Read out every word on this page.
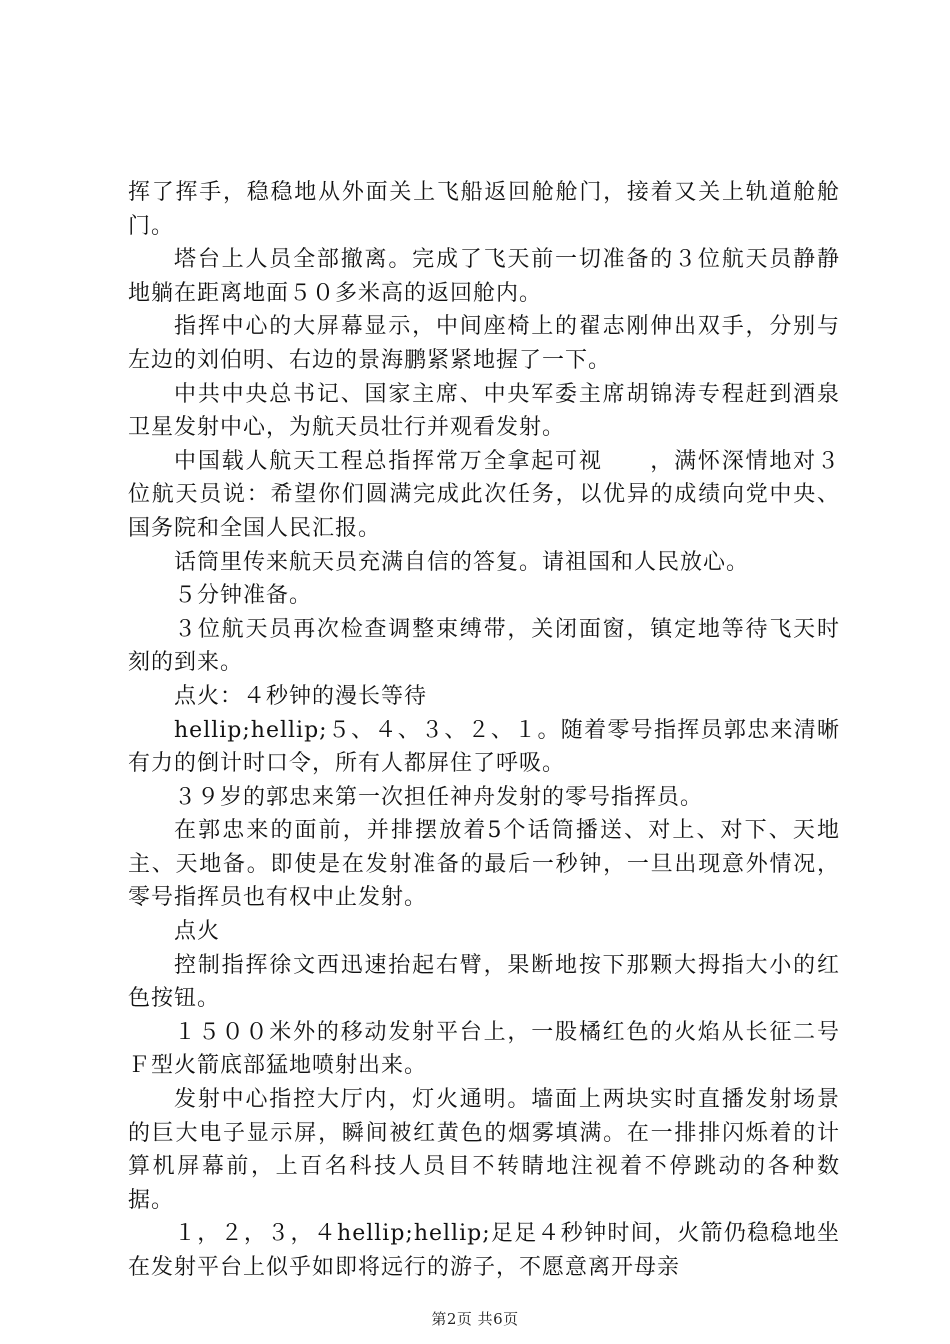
挥了挥手，稳稳地从外面关上飞船返回舱舱门，接着又关上轨道舱舱门。

塔台上人员全部撤离。完成了飞天前一切准备的３位航天员静静地躺在距离地面５０多米高的返回舱内。

指挥中心的大屏幕显示，中间座椅上的翟志刚伸出双手，分别与左边的刘伯明、右边的景海鹏紧紧地握了一下。

中共中央总书记、国家主席、中央军委主席胡锦涛专程赶到酒泉卫星发射中心，为航天员壮行并观看发射。

中国载人航天工程总指挥常万全拿起可视　　，满怀深情地对３位航天员说：希望你们圆满完成此次任务，以优异的成绩向党中央、国务院和全国人民汇报。

话筒里传来航天员充满自信的答复。请祖国和人民放心。

５分钟准备。

３位航天员再次检查调整束缚带，关闭面窗，镇定地等待飞天时刻的到来。

点火：４秒钟的漫长等待

hellip;hellip;５、４、３、２、１。随着零号指挥员郭忠来清晰有力的倒计时口令，所有人都屏住了呼吸。

３９岁的郭忠来第一次担任神舟发射的零号指挥员。

在郭忠来的面前，并排摆放着5个话筒播送、对上、对下、天地主、天地备。即使是在发射准备的最后一秒钟，一旦出现意外情况，零号指挥员也有权中止发射。

点火

控制指挥徐文西迅速抬起右臂，果断地按下那颗大拇指大小的红色按钮。

１５００米外的移动发射平台上，一股橘红色的火焰从长征二号Ｆ型火箭底部猛地喷射出来。

发射中心指控大厅内，灯火通明。墙面上两块实时直播发射场景的巨大电子显示屏，瞬间被红黄色的烟雾填满。在一排排闪烁着的计算机屏幕前，上百名科技人员目不转睛地注视着不停跳动的各种数据。

１，２，３，４hellip;hellip;足足４秒钟时间，火箭仍稳稳地坐在发射平台上似乎如即将远行的游子，不愿意离开母亲

第2页 共6页
